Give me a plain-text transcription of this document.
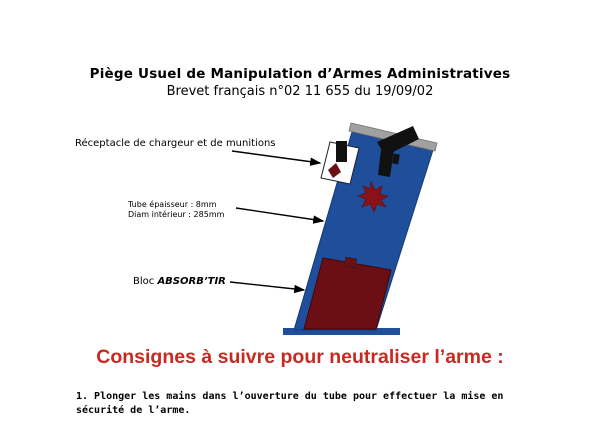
Piège Usuel de Manipulation d’Armes Administratives
Brevet français n°02 11 655 du 19/09/02
Réceptacle de chargeur et de munitions
Tube épaisseur : 8mm
Diam intérieur : 285mm
Bloc ABSORB’TIR
Consignes à suivre pour neutraliser l’arme :
1. Plonger les mains dans l’ouverture du tube pour effectuer la mise en sécurité de l’arme.
